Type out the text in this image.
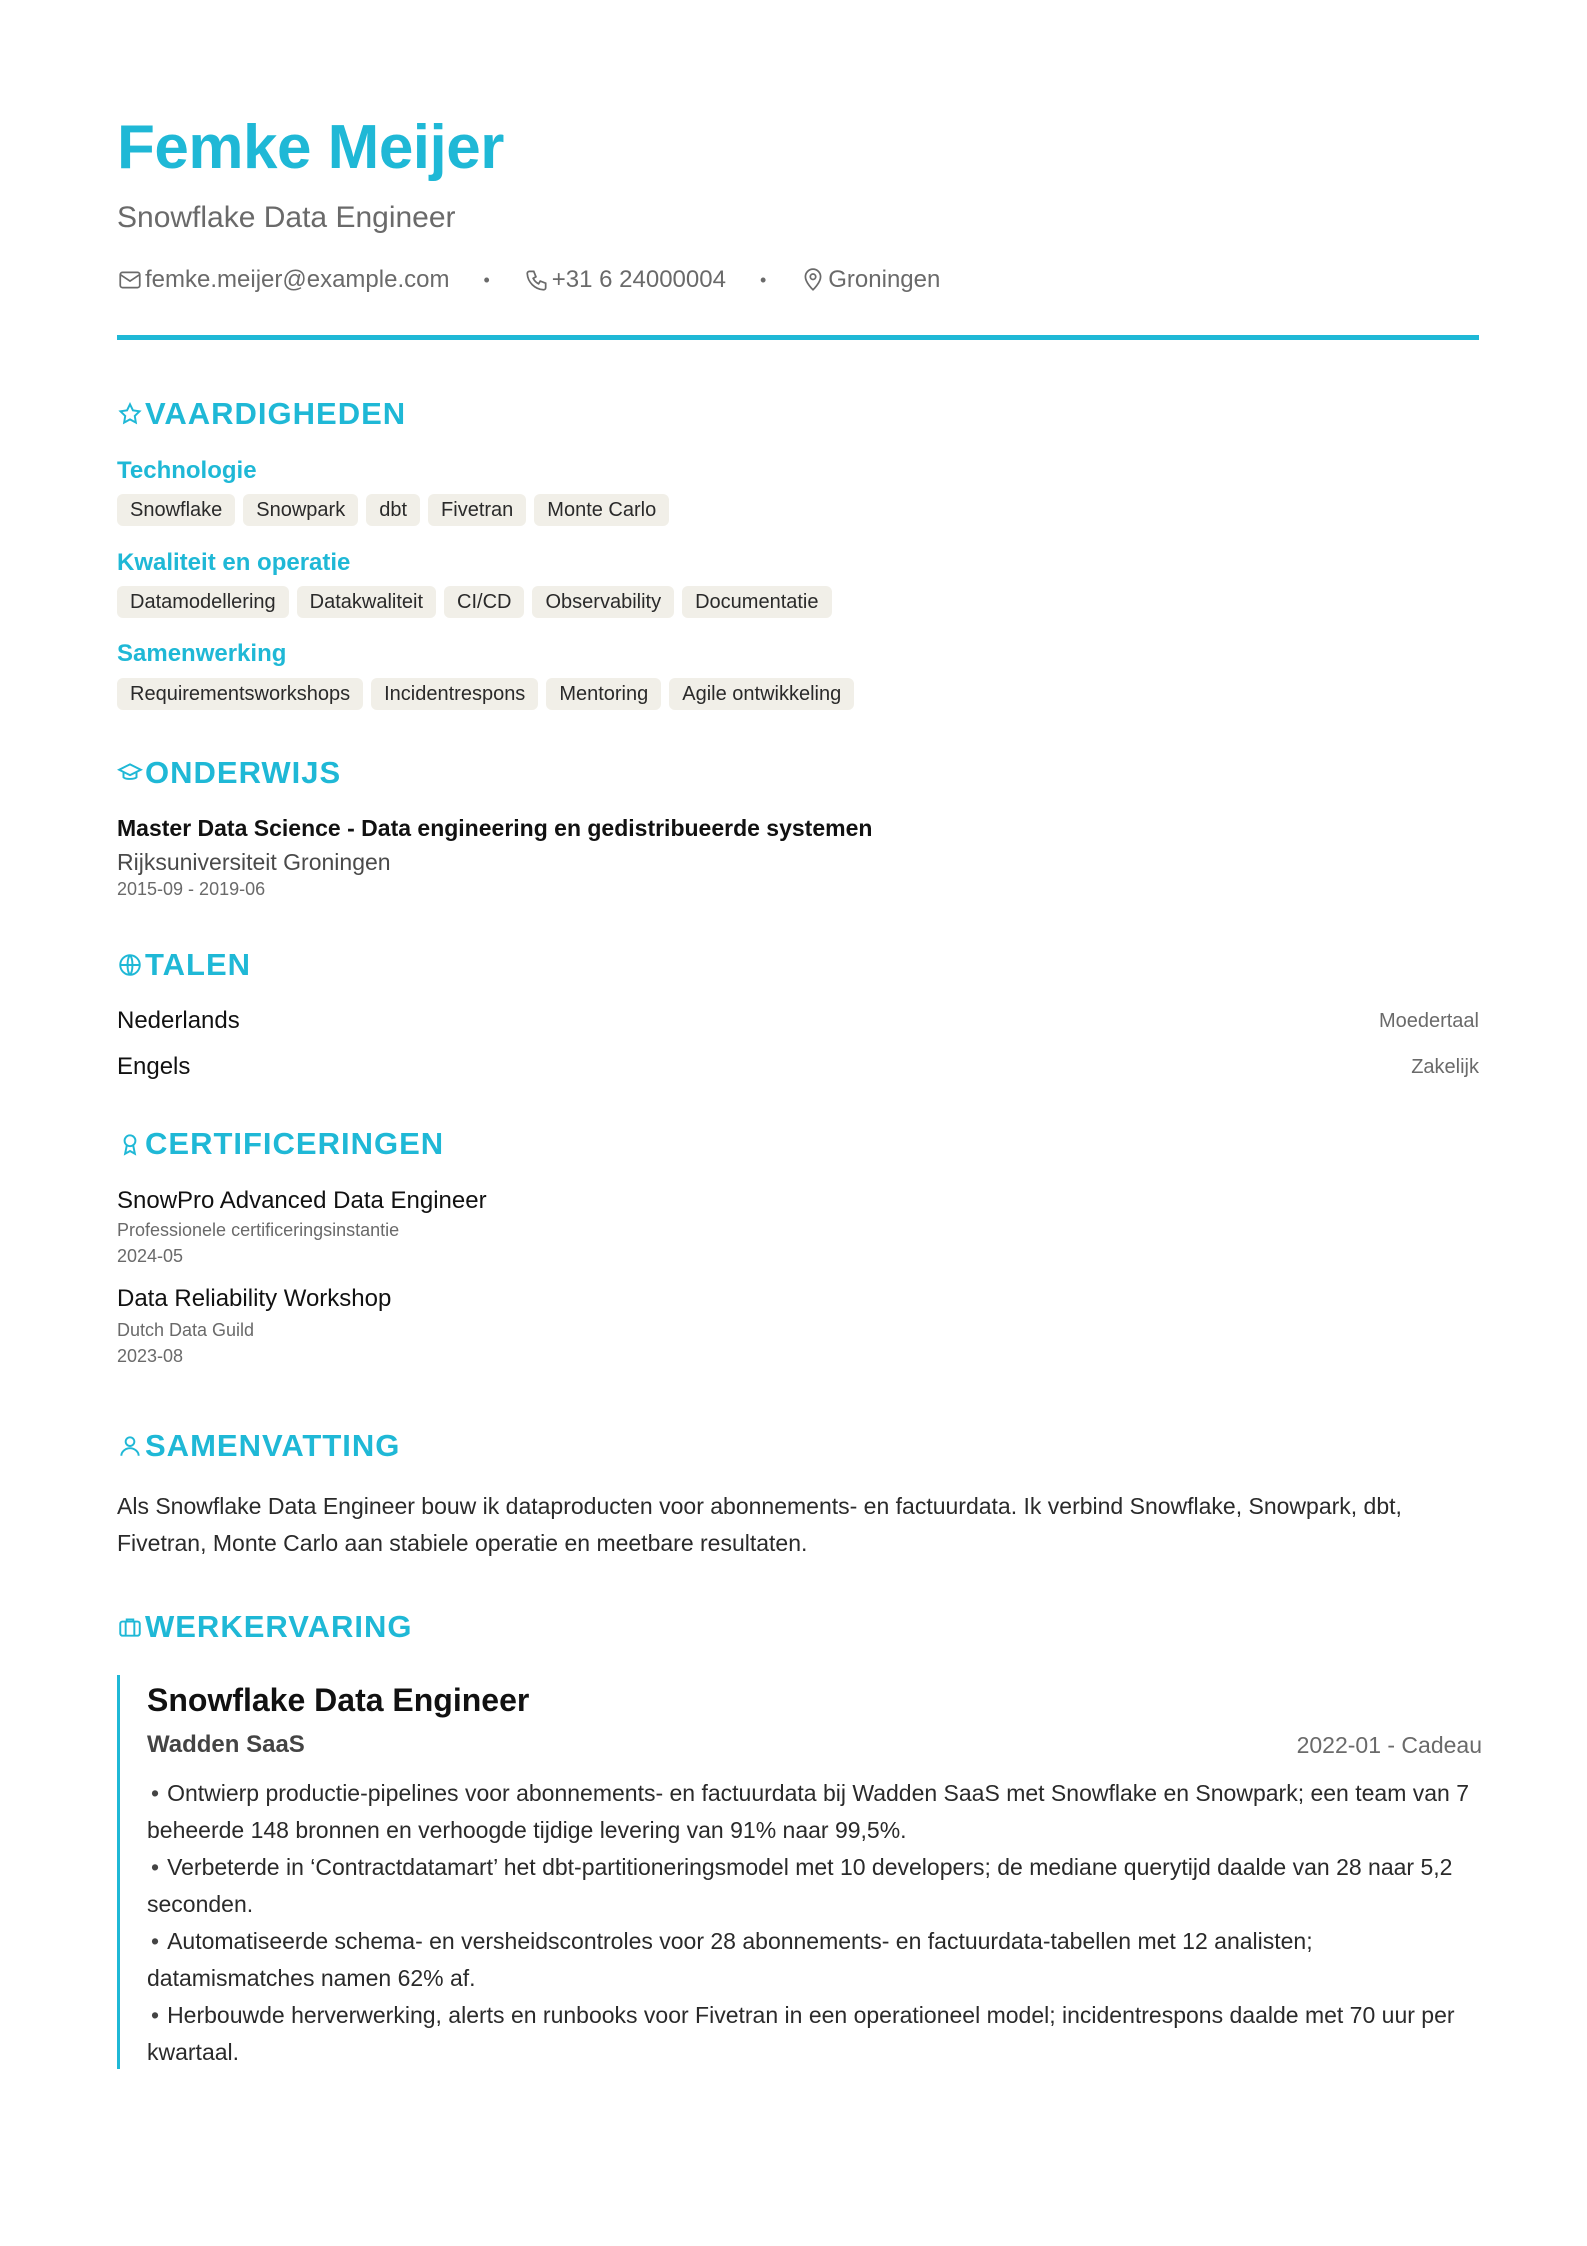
Femke Meijer
Snowflake Data Engineer
femke.meijer@example.com •	+31 6 24000004 •	Groningen
VAARDIGHEDEN
Technologie
Snowflake	Snowpark	dbt	Fivetran	Monte Carlo
Kwaliteit en operatie
Datamodellering	Datakwaliteit	CI/CD	Observability	Documentatie
Samenwerking
Requirementsworkshops	Incidentrespons	Mentoring	Agile ontwikkeling
ONDERWIJS
Master Data Science - Data engineering en gedistribueerde systemen
Rijksuniversiteit Groningen
2015-09 - 2019-06
TALEN
Nederlands	Moedertaal
Engels	Zakelijk
CERTIFICERINGEN
SnowPro Advanced Data Engineer
Professionele certificeringsinstantie
2024-05
Data Reliability Workshop
Dutch Data Guild
2023-08
SAMENVATTING
Als Snowflake Data Engineer bouw ik dataproducten voor abonnements- en factuurdata. Ik verbind Snowflake, Snowpark, dbt, Fivetran, Monte Carlo aan stabiele operatie en meetbare resultaten.
WERKERVARING
Snowflake Data Engineer
Wadden SaaS	2022-01 - Cadeau

• Ontwierp productie-pipelines voor abonnements- en factuurdata bij Wadden SaaS met Snowflake en Snowpark; een team van 7 beheerde 148 bronnen en verhoogde tijdige levering van 91% naar 99,5%.

• Verbeterde in ‘Contractdatamart’ het dbt-partitioneringsmodel met 10 developers; de mediane querytijd daalde van 28 naar 5,2 seconden.

• Automatiseerde schema- en versheidscontroles voor 28 abonnements- en factuurdata-tabellen met 12 analisten; datamismatches namen 62% af.

• Herbouwde herverwerking, alerts en runbooks voor Fivetran in een operationeel model; incidentrespons daalde met 70 uur per kwartaal.
